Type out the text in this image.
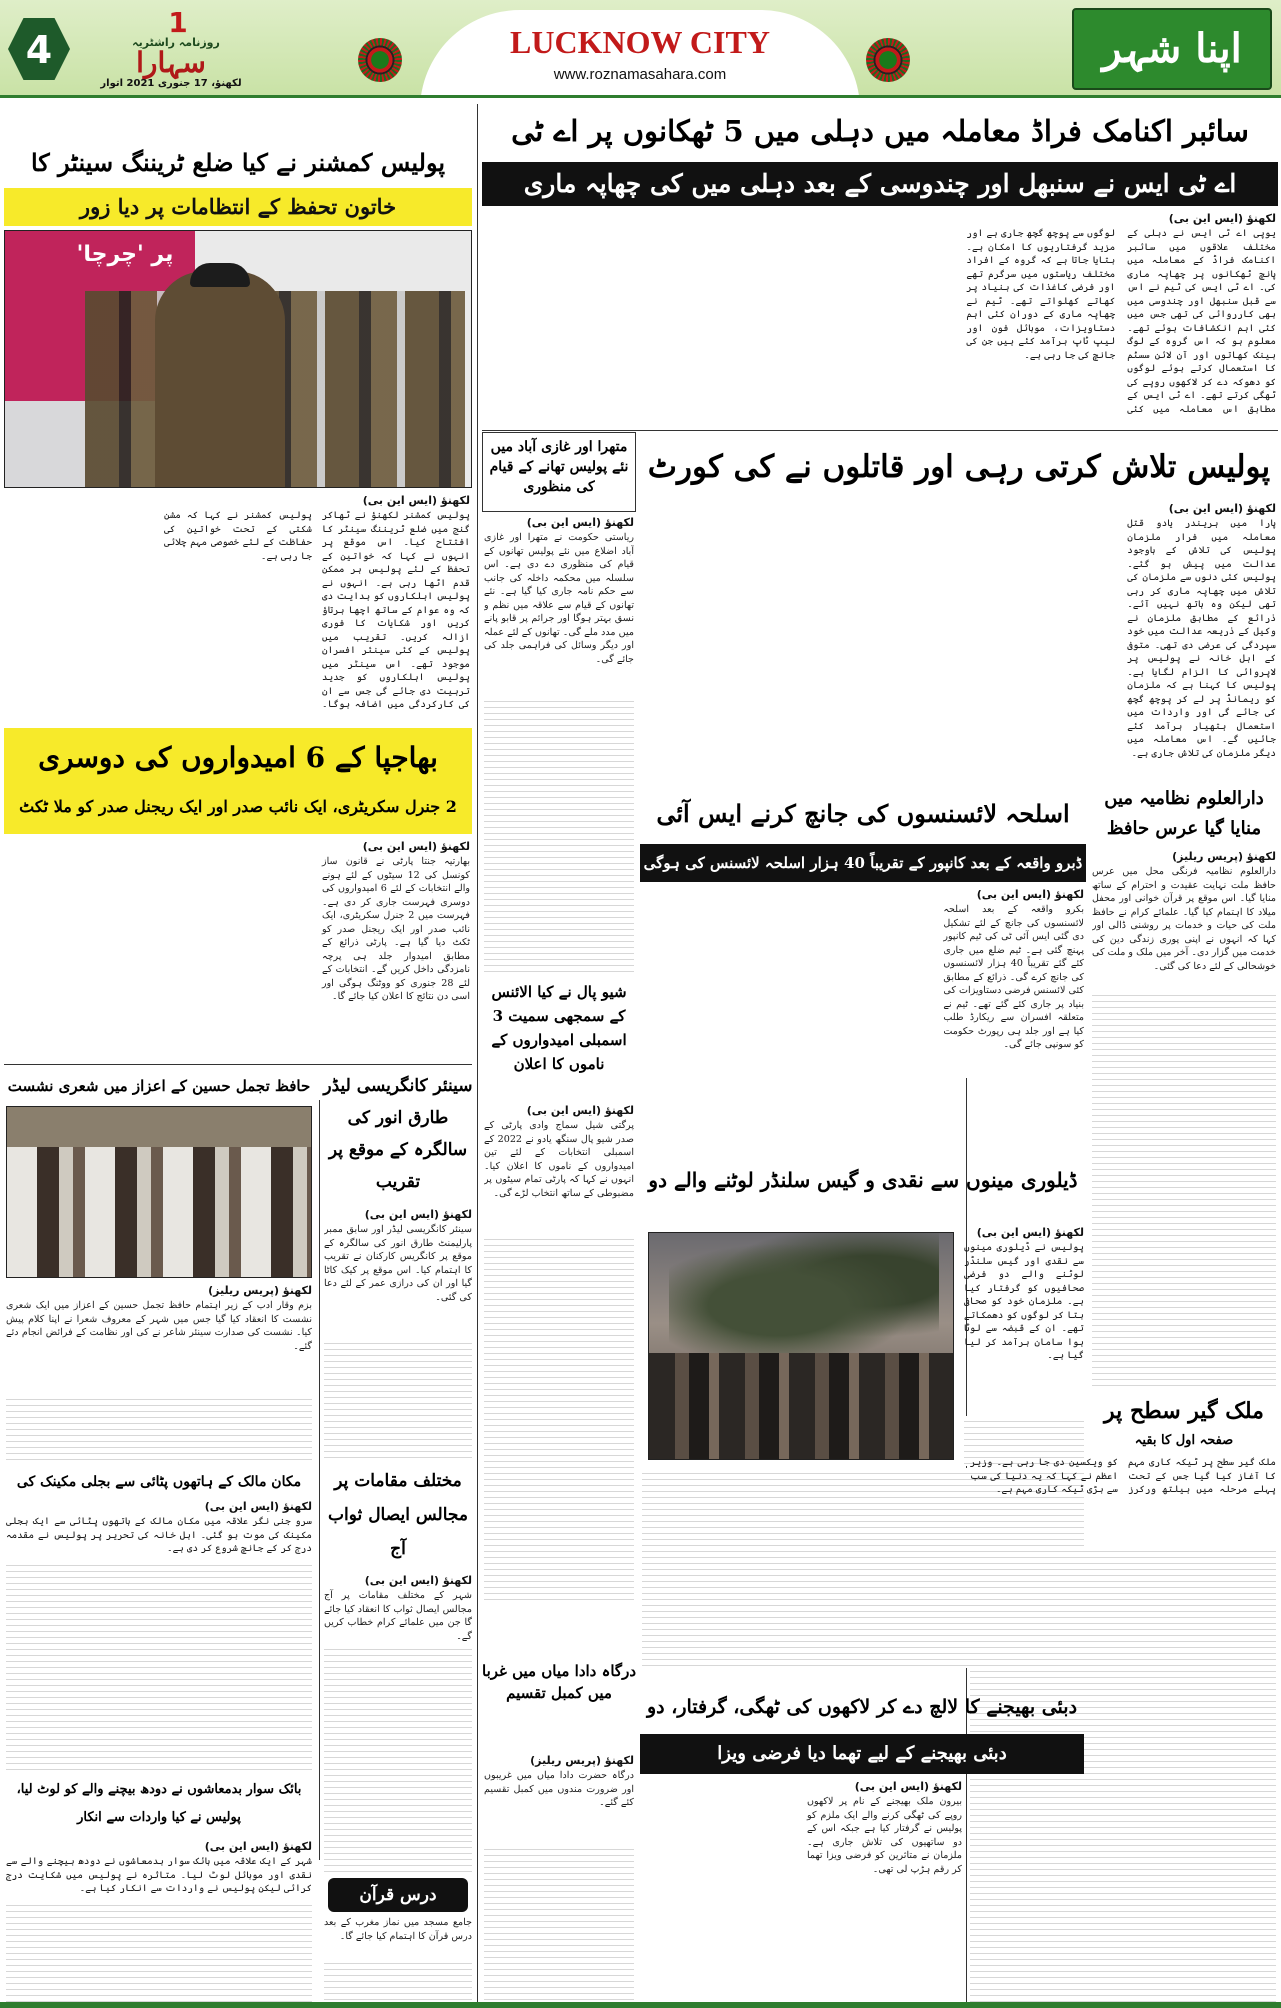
4
1
روزنامہ راشٹریہ
سہارا
لکھنؤ، 17 جنوری 2021 اتوار
LUCKNOW CITY
www.roznamasahara.com
اپنا شہر
سائبر اکنامک فراڈ معاملہ میں دہلی میں 5 ٹھکانوں پر اے ٹی
اے ٹی ایس نے سنبھل اور چندوسی کے بعد دہلی میں کی چھاپہ ماری
لکھنؤ (ایس این بی)
یوپی اے ٹی ایس نے دہلی کے مختلف علاقوں میں سائبر اکنامک فراڈ کے معاملہ میں پانچ ٹھکانوں پر چھاپہ ماری کی۔ اے ٹی ایس کی ٹیم نے اس سے قبل سنبھل اور چندوسی میں بھی کارروائی کی تھی جس میں کئی اہم انکشافات ہوئے تھے۔ معلوم ہو کہ اس گروہ کے لوگ بینک کھاتوں اور آن لائن سسٹم کا استعمال کرتے ہوئے لوگوں کو دھوکہ دے کر لاکھوں روپے کی ٹھگی کرتے تھے۔ اے ٹی ایس کے مطابق اس معاملہ میں کئی لوگوں سے پوچھ گچھ جاری ہے اور مزید گرفتاریوں کا امکان ہے۔ بتایا جاتا ہے کہ گروہ کے افراد مختلف ریاستوں میں سرگرم تھے اور فرضی کاغذات کی بنیاد پر کھاتے کھلواتے تھے۔ ٹیم نے چھاپہ ماری کے دوران کئی اہم دستاویزات، موبائل فون اور لیپ ٹاپ برآمد کئے ہیں جن کی جانچ کی جا رہی ہے۔
پولیس تلاش کرتی رہی اور قاتلوں نے کی کورٹ
لکھنؤ (ایس این بی)
پارا میں ہریندر یادو قتل معاملہ میں فرار ملزمان پولیس کی تلاش کے باوجود عدالت میں پیش ہو گئے۔ پولیس کئی دنوں سے ملزمان کی تلاش میں چھاپہ ماری کر رہی تھی لیکن وہ ہاتھ نہیں آئے۔ ذرائع کے مطابق ملزمان نے وکیل کے ذریعہ عدالت میں خود سپردگی کی عرضی دی تھی۔ متوفی کے اہل خانہ نے پولیس پر لاپروائی کا الزام لگایا ہے۔ پولیس کا کہنا ہے کہ ملزمان کو ریمانڈ پر لے کر پوچھ گچھ کی جائے گی اور واردات میں استعمال ہتھیار برآمد کئے جائیں گے۔ اس معاملہ میں دیگر ملزمان کی تلاش جاری ہے۔
متھرا اور غازی آباد میں نئے پولیس تھانے کے قیام کی منظوری
دارالعلوم نظامیہ میں منایا گیا عرس حافظ
لکھنؤ (پریس ریلیز)
دارالعلوم نظامیہ فرنگی محل میں عرس حافظ ملت نہایت عقیدت و احترام کے ساتھ منایا گیا۔ اس موقع پر قرآن خوانی اور محفل میلاد کا اہتمام کیا گیا۔ علمائے کرام نے حافظ ملت کی حیات و خدمات پر روشنی ڈالی اور کہا کہ انہوں نے اپنی پوری زندگی دین کی خدمت میں گزار دی۔ آخر میں ملک و ملت کی خوشحالی کے لئے دعا کی گئی۔
اسلحہ لائسنسوں کی جانچ کرنے ایس آئی
ڈبرو واقعہ کے بعد کانپور کے تقریباً 40 ہزار اسلحہ لائسنس کی ہوگی
لکھنؤ (ایس این بی)
بکرو واقعہ کے بعد اسلحہ لائسنسوں کی جانچ کے لئے تشکیل دی گئی ایس آئی ٹی کی ٹیم کانپور پہنچ گئی ہے۔ ٹیم ضلع میں جاری کئے گئے تقریباً 40 ہزار لائسنسوں کی جانچ کرے گی۔ ذرائع کے مطابق کئی لائسنس فرضی دستاویزات کی بنیاد پر جاری کئے گئے تھے۔ ٹیم نے متعلقہ افسران سے ریکارڈ طلب کیا ہے اور جلد ہی رپورٹ حکومت کو سونپی جائے گی۔
لکھنؤ (ایس این بی)
ریاستی حکومت نے متھرا اور غازی آباد اضلاع میں نئے پولیس تھانوں کے قیام کی منظوری دے دی ہے۔ اس سلسلہ میں محکمہ داخلہ کی جانب سے حکم نامہ جاری کیا گیا ہے۔ نئے تھانوں کے قیام سے علاقہ میں نظم و نسق بہتر ہوگا اور جرائم پر قابو پانے میں مدد ملے گی۔ تھانوں کے لئے عملہ اور دیگر وسائل کی فراہمی جلد کی جائے گی۔
شیو پال نے کیا الائنس کے سمجھی سمیت 3 اسمبلی امیدواروں کے ناموں کا اعلان
لکھنؤ (ایس این بی)
پرگتی شیل سماج وادی پارٹی کے صدر شیو پال سنگھ یادو نے 2022 کے اسمبلی انتخابات کے لئے تین امیدواروں کے ناموں کا اعلان کیا۔ انہوں نے کہا کہ پارٹی تمام سیٹوں پر مضبوطی کے ساتھ انتخاب لڑے گی۔
ڈیلوری مینوں سے نقدی و گیس سلنڈر لوٹنے والے دو
لکھنؤ (ایس این بی)
پولیس نے ڈیلوری مینوں سے نقدی اور گیس سلنڈر لوٹنے والے دو فرضی صحافیوں کو گرفتار کیا ہے۔ ملزمان خود کو صحافی بتا کر لوگوں کو دھمکاتے تھے۔ ان کے قبضہ سے لوٹا ہوا سامان برآمد کر لیا گیا ہے۔
ملک گیر سطح پر
صفحہ اول کا بقیہ
ملک گیر سطح پر ٹیکہ کاری مہم کا آغاز کیا گیا جس کے تحت پہلے مرحلہ میں ہیلتھ ورکرز کو ویکسین دی جا رہی ہے۔ وزیر اعظم نے کہا کہ یہ دنیا کی سب سے بڑی ٹیکہ کاری مہم ہے۔
درگاہ دادا میاں میں غربا میں کمبل تقسیم
لکھنؤ (پریس ریلیز)
درگاہ حضرت دادا میاں میں غریبوں اور ضرورت مندوں میں کمبل تقسیم کئے گئے۔
دبئی بھیجنے کا لالچ دے کر لاکھوں کی ٹھگی، گرفتار، دو
دبئی بھیجنے کے لیے تھما دیا فرضی ویزا
لکھنؤ (ایس این بی)
بیرون ملک بھیجنے کے نام پر لاکھوں روپے کی ٹھگی کرنے والے ایک ملزم کو پولیس نے گرفتار کیا ہے جبکہ اس کے دو ساتھیوں کی تلاش جاری ہے۔ ملزمان نے متاثرین کو فرضی ویزا تھما کر رقم ہڑپ لی تھی۔
پولیس کمشنر نے کیا ضلع ٹریننگ سینٹر کا
خاتون تحفظ کے انتظامات پر دیا زور
پر 'چرچا'
لکھنؤ (ایس این بی)
پولیس کمشنر لکھنؤ نے ٹھاکر گنج میں ضلع ٹریننگ سینٹر کا افتتاح کیا۔ اس موقع پر انہوں نے کہا کہ خواتین کے تحفظ کے لئے پولیس ہر ممکن قدم اٹھا رہی ہے۔ انہوں نے پولیس اہلکاروں کو ہدایت دی کہ وہ عوام کے ساتھ اچھا برتاؤ کریں اور شکایات کا فوری ازالہ کریں۔ تقریب میں پولیس کے کئی سینئر افسران موجود تھے۔ اس سینٹر میں پولیس اہلکاروں کو جدید تربیت دی جائے گی جس سے ان کی کارکردگی میں اضافہ ہوگا۔ پولیس کمشنر نے کہا کہ مشن شکتی کے تحت خواتین کی حفاظت کے لئے خصوصی مہم چلائی جا رہی ہے۔
بھاجپا کے 6 امیدواروں کی دوسری
2 جنرل سکریٹری، ایک نائب صدر اور ایک ریجنل صدر کو ملا ٹکٹ
لکھنؤ (ایس این بی)
بھارتیہ جنتا پارٹی نے قانون ساز کونسل کی 12 سیٹوں کے لئے ہونے والے انتخابات کے لئے 6 امیدواروں کی دوسری فہرست جاری کر دی ہے۔ فہرست میں 2 جنرل سکریٹری، ایک نائب صدر اور ایک ریجنل صدر کو ٹکٹ دیا گیا ہے۔ پارٹی ذرائع کے مطابق امیدوار جلد ہی پرچہ نامزدگی داخل کریں گے۔ انتخابات کے لئے 28 جنوری کو ووٹنگ ہوگی اور اسی دن نتائج کا اعلان کیا جائے گا۔
حافظ تجمل حسین کے اعزاز میں شعری نشست
لکھنؤ (پریس ریلیز)
بزم وقار ادب کے زیر اہتمام حافظ تجمل حسین کے اعزاز میں ایک شعری نشست کا انعقاد کیا گیا جس میں شہر کے معروف شعرا نے اپنا کلام پیش کیا۔ نشست کی صدارت سینئر شاعر نے کی اور نظامت کے فرائض انجام دئے گئے۔
مکان مالک کے ہاتھوں پٹائی سے بجلی مکینک کی
لکھنؤ (ایس این بی)
سرو جنی نگر علاقہ میں مکان مالک کے ہاتھوں پٹائی سے ایک بجلی مکینک کی موت ہو گئی۔ اہل خانہ کی تحریر پر پولیس نے مقدمہ درج کر کے جانچ شروع کر دی ہے۔
بائک سوار بدمعاشوں نے دودھ بیچنے والے کو لوٹ لیا، پولیس نے کیا واردات سے انکار
لکھنؤ (ایس این بی)
شہر کے ایک علاقہ میں بائک سوار بدمعاشوں نے دودھ بیچنے والے سے نقدی اور موبائل لوٹ لیا۔ متاثرہ نے پولیس میں شکایت درج کرائی لیکن پولیس نے واردات سے انکار کیا ہے۔
سینئر کانگریسی لیڈر طارق انور کی سالگرہ کے موقع پر تقریب
لکھنؤ (ایس این بی)
سینئر کانگریسی لیڈر اور سابق ممبر پارلیمنٹ طارق انور کی سالگرہ کے موقع پر کانگریس کارکنان نے تقریب کا اہتمام کیا۔ اس موقع پر کیک کاٹا گیا اور ان کی درازی عمر کے لئے دعا کی گئی۔
مختلف مقامات پر مجالس ایصال ثواب آج
لکھنؤ (ایس این بی)
شہر کے مختلف مقامات پر آج مجالس ایصال ثواب کا انعقاد کیا جائے گا جن میں علمائے کرام خطاب کریں گے۔
درس قرآن
جامع مسجد میں نماز مغرب کے بعد درس قرآن کا اہتمام کیا جائے گا۔
